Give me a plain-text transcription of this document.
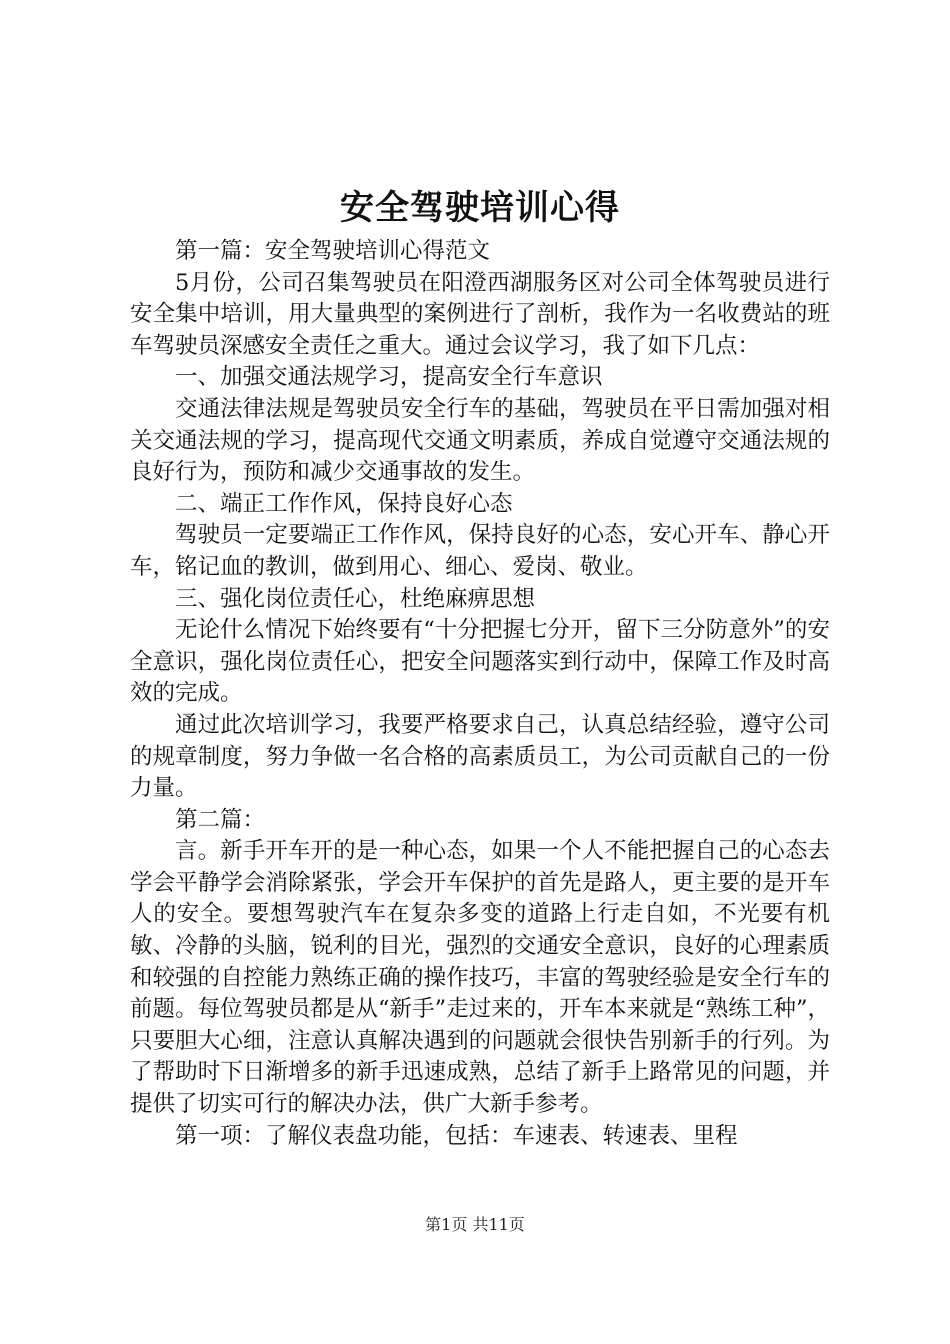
安全驾驶培训心得

第一篇：安全驾驶培训心得范文

5月份，公司召集驾驶员在阳澄西湖服务区对公司全体驾驶员进行安全集中培训，用大量典型的案例进行了剖析，我作为一名收费站的班车驾驶员深感安全责任之重大。通过会议学习，我了如下几点：

一、加强交通法规学习，提高安全行车意识

交通法律法规是驾驶员安全行车的基础，驾驶员在平日需加强对相关交通法规的学习，提高现代交通文明素质，养成自觉遵守交通法规的良好行为，预防和减少交通事故的发生。

二、端正工作作风，保持良好心态

驾驶员一定要端正工作作风，保持良好的心态，安心开车、静心开车，铭记血的教训，做到用心、细心、爱岗、敬业。

三、强化岗位责任心，杜绝麻痹思想

无论什么情况下始终要有“十分把握七分开，留下三分防意外”的安全意识，强化岗位责任心，把安全问题落实到行动中，保障工作及时高效的完成。

通过此次培训学习，我要严格要求自己，认真总结经验，遵守公司的规章制度，努力争做一名合格的高素质员工，为公司贡献自己的一份力量。

第二篇：

言。新手开车开的是一种心态，如果一个人不能把握自己的心态去学会平静学会消除紧张，学会开车保护的首先是路人，更主要的是开车人的安全。要想驾驶汽车在复杂多变的道路上行走自如，不光要有机敏、冷静的头脑，锐利的目光，强烈的交通安全意识，良好的心理素质和较强的自控能力熟练正确的操作技巧，丰富的驾驶经验是安全行车的前题。每位驾驶员都是从“新手”走过来的，开车本来就是“熟练工种”，只要胆大心细，注意认真解决遇到的问题就会很快告别新手的行列。为了帮助时下日渐增多的新手迅速成熟，总结了新手上路常见的问题，并提供了切实可行的解决办法，供广大新手参考。

第一项：了解仪表盘功能，包括：车速表、转速表、里程

第1页 共11页
